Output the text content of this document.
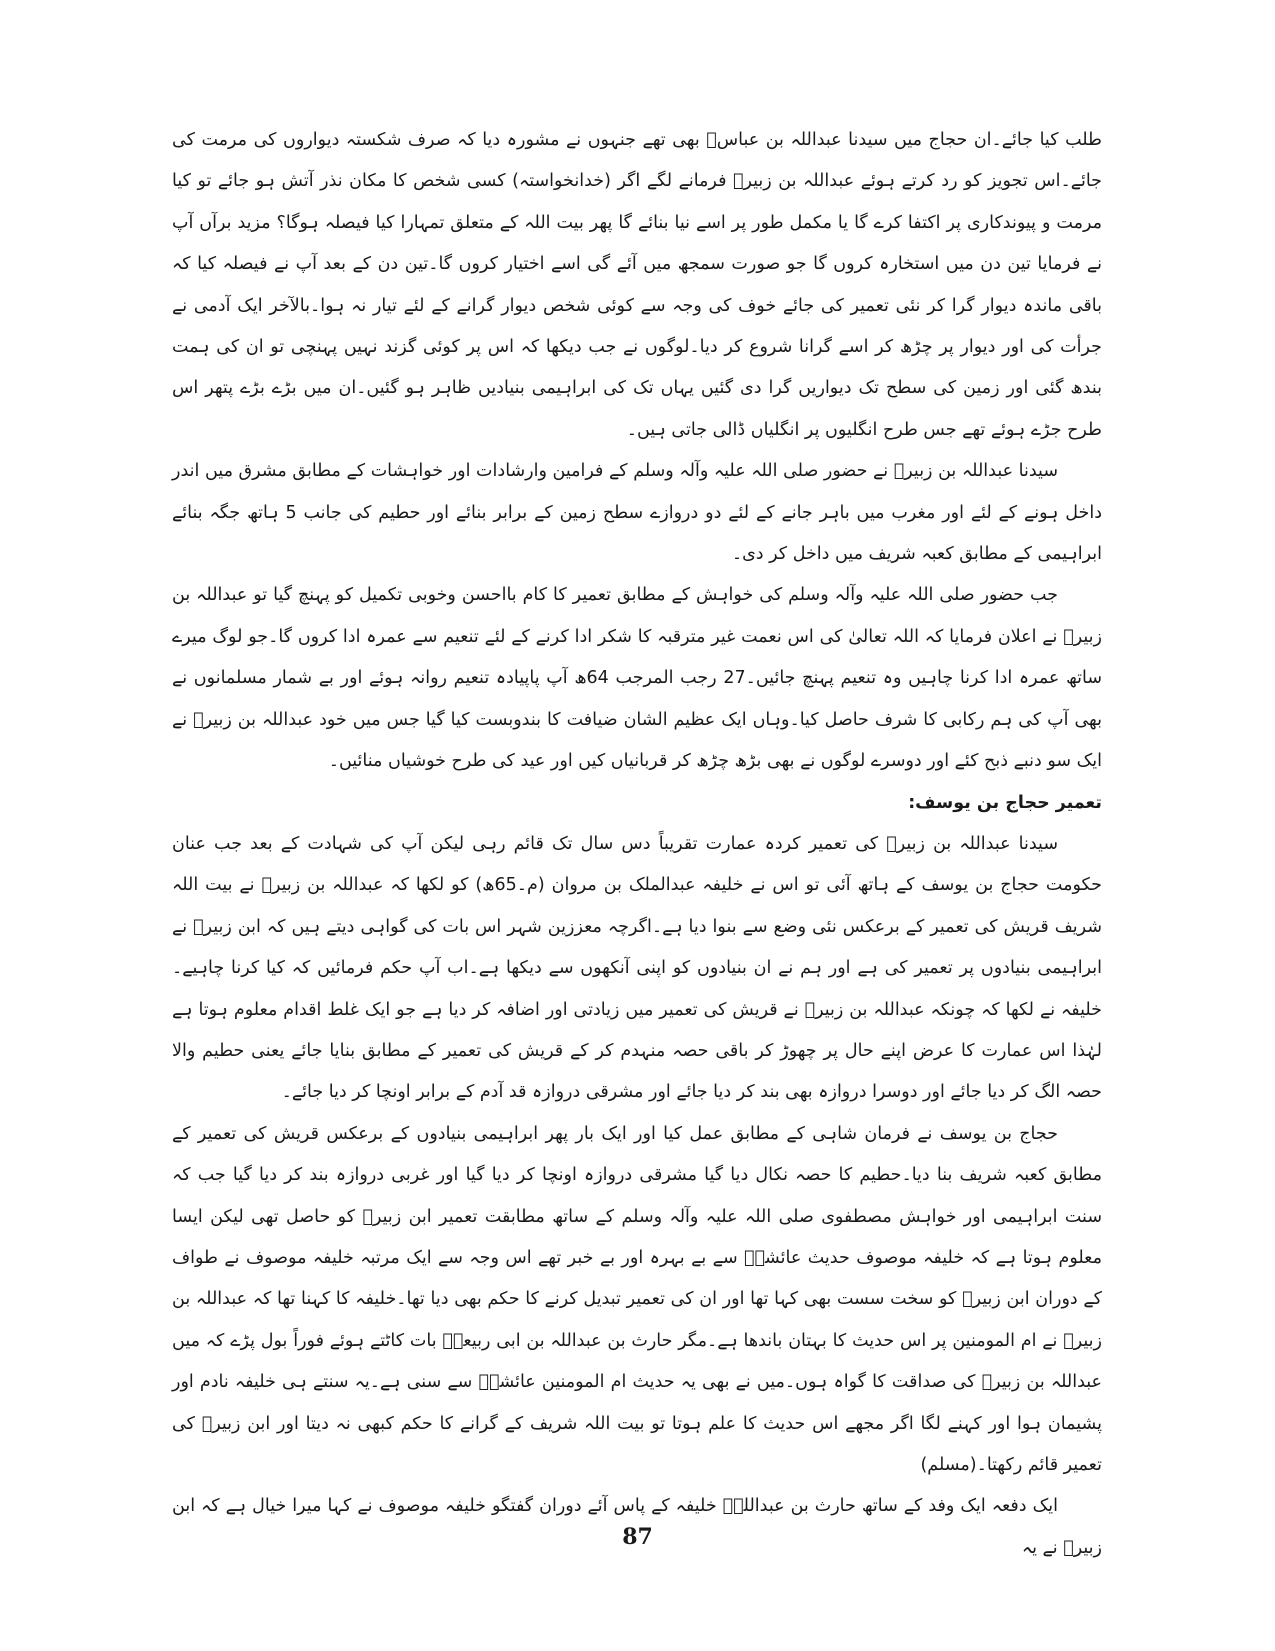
طلب کیا جائے۔ان حجاج میں سیدنا عبداللہ بن عباسؓ بھی تھے جنہوں نے مشورہ دیا کہ صرف شکستہ دیواروں کی مرمت کی جائے۔اس تجویز کو رد کرتے ہوئے عبداللہ بن زبیرؓ فرمانے لگے اگر (خدانخواستہ) کسی شخص کا مکان نذر آتش ہو جائے تو کیا مرمت و پیوندکاری پر اکتفا کرے گا یا مکمل طور پر اسے نیا بنائے گا پھر بیت اللہ کے متعلق تمہارا کیا فیصلہ ہوگا؟ مزید برآں آپ نے فرمایا تین دن میں استخارہ کروں گا جو صورت سمجھ میں آئے گی اسے اختیار کروں گا۔تین دن کے بعد آپ نے فیصلہ کیا کہ باقی ماندہ دیوار گرا کر نئی تعمیر کی جائے خوف کی وجہ سے کوئی شخص دیوار گرانے کے لئے تیار نہ ہوا۔بالآخر ایک آدمی نے جرأت کی اور دیوار پر چڑھ کر اسے گرانا شروع کر دیا۔لوگوں نے جب دیکھا کہ اس پر کوئی گزند نہیں پہنچی تو ان کی ہمت بندھ گئی اور زمین کی سطح تک دیواریں گرا دی گئیں یہاں تک کی ابراہیمی بنیادیں ظاہر ہو گئیں۔ان میں بڑے بڑے پتھر اس طرح جڑے ہوئے تھے جس طرح انگلیوں پر انگلیاں ڈالی جاتی ہیں۔

سیدنا عبداللہ بن زبیرؓ نے حضور صلی اللہ علیہ وآلہ وسلم کے فرامین وارشادات اور خواہشات کے مطابق مشرق میں اندر داخل ہونے کے لئے اور مغرب میں باہر جانے کے لئے دو دروازے سطح زمین کے برابر بنائے اور حطیم کی جانب 5 ہاتھ جگہ بنائے ابراہیمی کے مطابق کعبہ شریف میں داخل کر دی۔

جب حضور صلی اللہ علیہ وآلہ وسلم کی خواہش کے مطابق تعمیر کا کام بااحسن وخوبی تکمیل کو پہنچ گیا تو عبداللہ بن زبیرؓ نے اعلان فرمایا کہ اللہ تعالیٰ کی اس نعمت غیر مترقبہ کا شکر ادا کرنے کے لئے تنعیم سے عمرہ ادا کروں گا۔جو لوگ میرے ساتھ عمرہ ادا کرنا چاہیں وہ تنعیم پہنچ جائیں۔27 رجب المرجب 64ھ آپ پاپیادہ تنعیم روانہ ہوئے اور بے شمار مسلمانوں نے بھی آپ کی ہم رکابی کا شرف حاصل کیا۔وہاں ایک عظیم الشان ضیافت کا بندوبست کیا گیا جس میں خود عبداللہ بن زبیرؓ نے ایک سو دنبے ذبح کئے اور دوسرے لوگوں نے بھی بڑھ چڑھ کر قربانیاں کیں اور عید کی طرح خوشیاں منائیں۔

تعمیر حجاج بن یوسف:

سیدنا عبداللہ بن زبیرؓ کی تعمیر کردہ عمارت تقریباً دس سال تک قائم رہی لیکن آپ کی شہادت کے بعد جب عنان حکومت حجاج بن یوسف کے ہاتھ آئی تو اس نے خلیفہ عبدالملک بن مروان (م۔65ھ) کو لکھا کہ عبداللہ بن زبیرؓ نے بیت اللہ شریف قریش کی تعمیر کے برعکس نئی وضع سے بنوا دیا ہے۔اگرچہ معززین شہر اس بات کی گواہی دیتے ہیں کہ ابن زبیرؓ نے ابراہیمی بنیادوں پر تعمیر کی ہے اور ہم نے ان بنیادوں کو اپنی آنکھوں سے دیکھا ہے۔اب آپ حکم فرمائیں کہ کیا کرنا چاہیے۔خلیفہ نے لکھا کہ چونکہ عبداللہ بن زبیرؓ نے قریش کی تعمیر میں زیادتی اور اضافہ کر دیا ہے جو ایک غلط اقدام معلوم ہوتا ہے لہٰذا اس عمارت کا عرض اپنے حال پر چھوڑ کر باقی حصہ منہدم کر کے قریش کی تعمیر کے مطابق بنایا جائے یعنی حطیم والا حصہ الگ کر دیا جائے اور دوسرا دروازہ بھی بند کر دیا جائے اور مشرقی دروازہ قد آدم کے برابر اونچا کر دیا جائے۔

حجاج بن یوسف نے فرمان شاہی کے مطابق عمل کیا اور ایک بار پھر ابراہیمی بنیادوں کے برعکس قریش کی تعمیر کے مطابق کعبہ شریف بنا دیا۔حطیم کا حصہ نکال دیا گیا مشرقی دروازہ اونچا کر دیا گیا اور غربی دروازہ بند کر دیا گیا جب کہ سنت ابراہیمی اور خواہش مصطفوی صلی اللہ علیہ وآلہ وسلم کے ساتھ مطابقت تعمیر ابن زبیرؓ کو حاصل تھی لیکن ایسا معلوم ہوتا ہے کہ خلیفہ موصوف حدیث عائشہؓ سے بے بہرہ اور بے خبر تھے اس وجہ سے ایک مرتبہ خلیفہ موصوف نے طواف کے دوران ابن زبیرؓ کو سخت سست بھی کہا تھا اور ان کی تعمیر تبدیل کرنے کا حکم بھی دیا تھا۔خلیفہ کا کہنا تھا کہ عبداللہ بن زبیرؓ نے ام المومنین پر اس حدیث کا بہتان باندھا ہے۔مگر حارث بن عبداللہ بن ابی ربیعہؓ بات کاٹتے ہوئے فوراً بول پڑے کہ میں عبداللہ بن زبیرؓ کی صداقت کا گواہ ہوں۔میں نے بھی یہ حدیث ام المومنین عائشہؓ سے سنی ہے۔یہ سنتے ہی خلیفہ نادم اور پشیمان ہوا اور کہنے لگا اگر مجھے اس حدیث کا علم ہوتا تو بیت اللہ شریف کے گرانے کا حکم کبھی نہ دیتا اور ابن زبیرؓ کی تعمیر قائم رکھتا۔(مسلم)

ایک دفعہ ایک وفد کے ساتھ حارث بن عبداللہؓ خلیفہ کے پاس آئے دوران گفتگو خلیفہ موصوف نے کہا میرا خیال ہے کہ ابن زبیرؓ نے یہ

87
